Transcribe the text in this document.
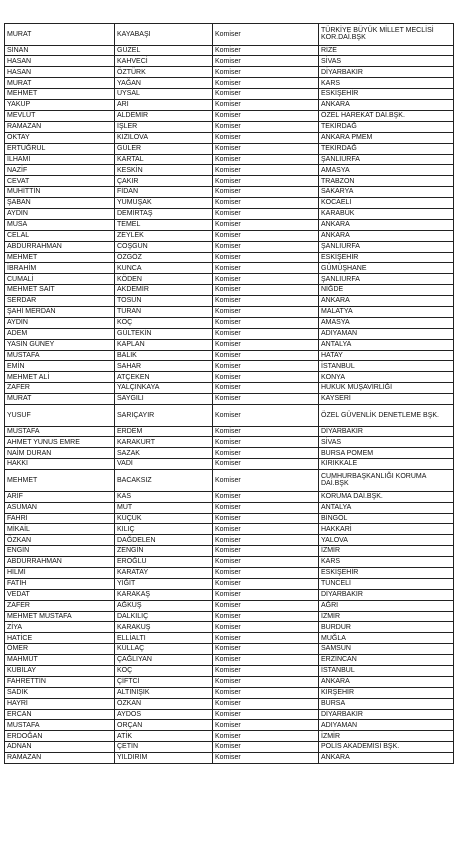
MURAT	KAYABAŞI	Komiser	TÜRKİYE BÜYÜK MİLLET MECLİSİ KOR.DAİ.BŞK
SİNAN	GÜZEL	Komiser	RİZE
HASAN	KAHVECİ	Komiser	SİVAS
HASAN	ÖZTÜRK	Komiser	DİYARBAKIR
MURAT	YAĞAN	Komiser	KARS
MEHMET	UYSAL	Komiser	ESKİŞEHİR
YAKUP	ARI	Komiser	ANKARA
MEVLÜT	ALDEMİR	Komiser	ÖZEL HAREKAT DAİ.BŞK.
RAMAZAN	İŞLER	Komiser	TEKİRDAĞ
OKTAY	KIZILOVA	Komiser	ANKARA PMEM
ERTUĞRUL	GÜLER	Komiser	TEKİRDAĞ
İLHAMİ	KARTAL	Komiser	ŞANLIURFA
NAZİF	KESKİN	Komiser	AMASYA
CEVAT	ÇAKIR	Komiser	TRABZON
MUHİTTİN	FİDAN	Komiser	SAKARYA
ŞABAN	YUMUŞAK	Komiser	KOCAELİ
AYDIN	DEMİRTAŞ	Komiser	KARABÜK
MUSA	TEMEL	Komiser	ANKARA
CELAL	ZEYLEK	Komiser	ANKARA
ABDURRAHMAN	COŞGUN	Komiser	ŞANLIURFA
MEHMET	ÖZGÖZ	Komiser	ESKİŞEHİR
İBRAHİM	KUNCA	Komiser	GÜMÜŞHANE
CUMALİ	KÖDEN	Komiser	ŞANLIURFA
MEHMET SAİT	AKDEMİR	Komiser	NİĞDE
SERDAR	TOSUN	Komiser	ANKARA
ŞAHİ MERDAN	TURAN	Komiser	MALATYA
AYDIN	KOÇ	Komiser	AMASYA
ADEM	GÜLTEKİN	Komiser	ADIYAMAN
YASİN GÜNEY	KAPLAN	Komiser	ANTALYA
MUSTAFA	BALIK	Komiser	HATAY
EMİN	SAHAR	Komiser	İSTANBUL
MEHMET ALİ	ATÇEKEN	Komiser	KONYA
ZAFER	YALÇINKAYA	Komiser	HUKUK MÜŞAVİRLİĞİ
MURAT	SAYGILI	Komiser	KAYSERİ
YUSUF	SARIÇAYIR	Komiser	ÖZEL GÜVENLİK DENETLEME BŞK.
MUSTAFA	ERDEM	Komiser	DİYARBAKIR
AHMET YUNUS EMRE	KARAKURT	Komiser	SİVAS
NAİM DURAN	SAZAK	Komiser	BURSA POMEM
HAKKI	VADİ	Komiser	KIRIKKALE
MEHMET	BACAKSIZ	Komiser	CUMHURBAŞKANLIĞI KORUMA DAİ.BŞK
ARİF	KAS	Komiser	KORUMA DAİ.BŞK.
ASUMAN	MUT	Komiser	ANTALYA
FAHRİ	KÜÇÜK	Komiser	BİNGÖL
MİKAİL	KILIÇ	Komiser	HAKKARİ
ÖZKAN	DAĞDELEN	Komiser	YALOVA
ENGİN	ZENGİN	Komiser	İZMİR
ABDURRAHMAN	EROĞLU	Komiser	KARS
HİLMİ	KARATAY	Komiser	ESKİŞEHİR
FATİH	YİĞİT	Komiser	TUNCELİ
VEDAT	KARAKAŞ	Komiser	DİYARBAKIR
ZAFER	AĞKUŞ	Komiser	AĞRI
MEHMET MUSTAFA	DALKILIÇ	Komiser	İZMİR
ZİYA	KARAKUŞ	Komiser	BURDUR
HATİCE	ELLİALTI	Komiser	MUĞLA
ÖMER	KÜLLAÇ	Komiser	SAMSUN
MAHMUT	ÇAĞLIYAN	Komiser	ERZİNCAN
KUBİLAY	KOÇ	Komiser	İSTANBUL
FAHRETTİN	ÇİFTCİ	Komiser	ANKARA
SADIK	ALTINIŞIK	Komiser	KIRŞEHİR
HAYRİ	ÖZKAN	Komiser	BURSA
ERCAN	AYDOS	Komiser	DİYARBAKIR
MUSTAFA	ORÇAN	Komiser	ADIYAMAN
ERDOĞAN	ATİK	Komiser	İZMİR
ADNAN	ÇETİN	Komiser	POLİS AKADEMİSİ BŞK.
RAMAZAN	YILDIRIM	Komiser	ANKARA
